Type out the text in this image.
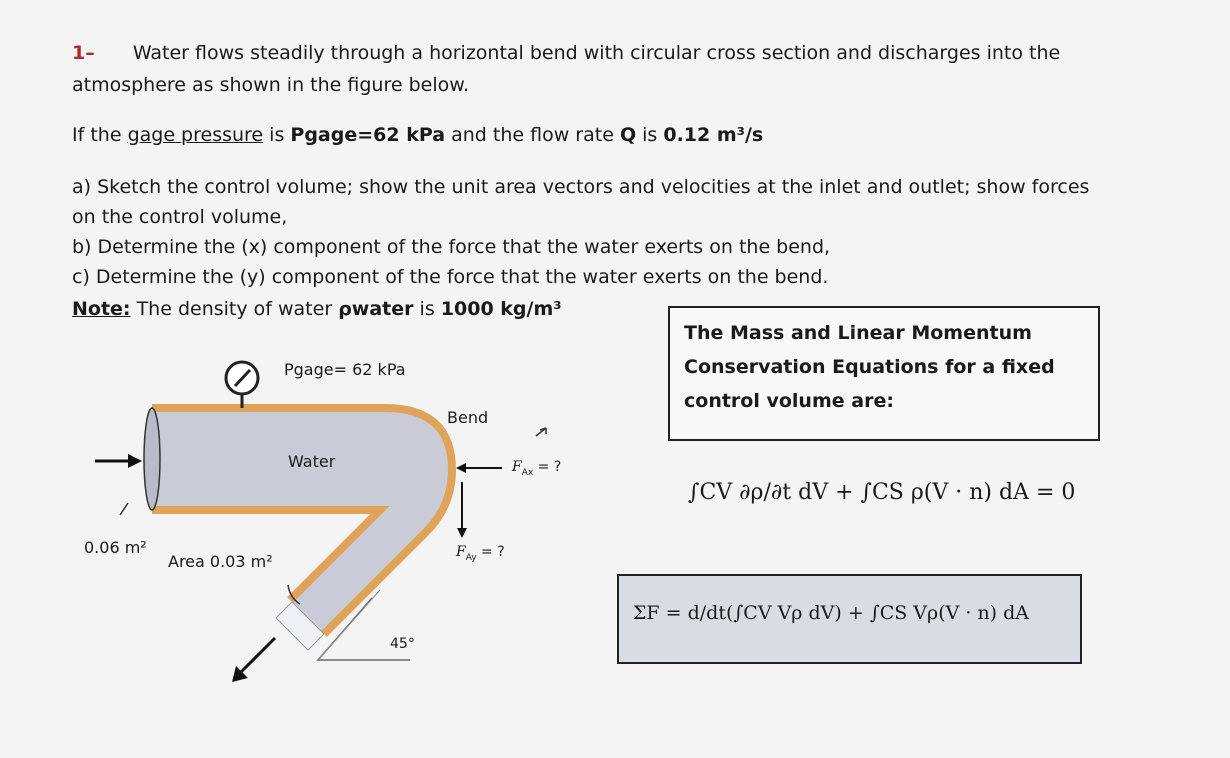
1– Water flows steadily through a horizontal bend with circular cross section and discharges into the
atmosphere as shown in the figure below.
If the gage pressure is Pgage=62 kPa and the flow rate Q is 0.12 m³/s
a) Sketch the control volume; show the unit area vectors and velocities at the inlet and outlet; show forces
on the control volume,
b) Determine the (x) component of the force that the water exerts on the bend,
c) Determine the (y) component of the force that the water exerts on the bend.
Note: The density of water ρwater is 1000 kg/m³
Pgage= 62 kPa
Bend
Water	$F_{Ax}$ = ?
$F_{Ay}$ = ?
0.06 m²
Area 0.03 m²
45°
The Mass and Linear Momentum
Conservation Equations for a fixed
control volume are:
∫CV ∂ρ/∂t dV + ∫CS ρ(V · n) dA = 0
ΣF = d/dt(∫CV Vρ dV) + ∫CS Vρ(V · n) dA
